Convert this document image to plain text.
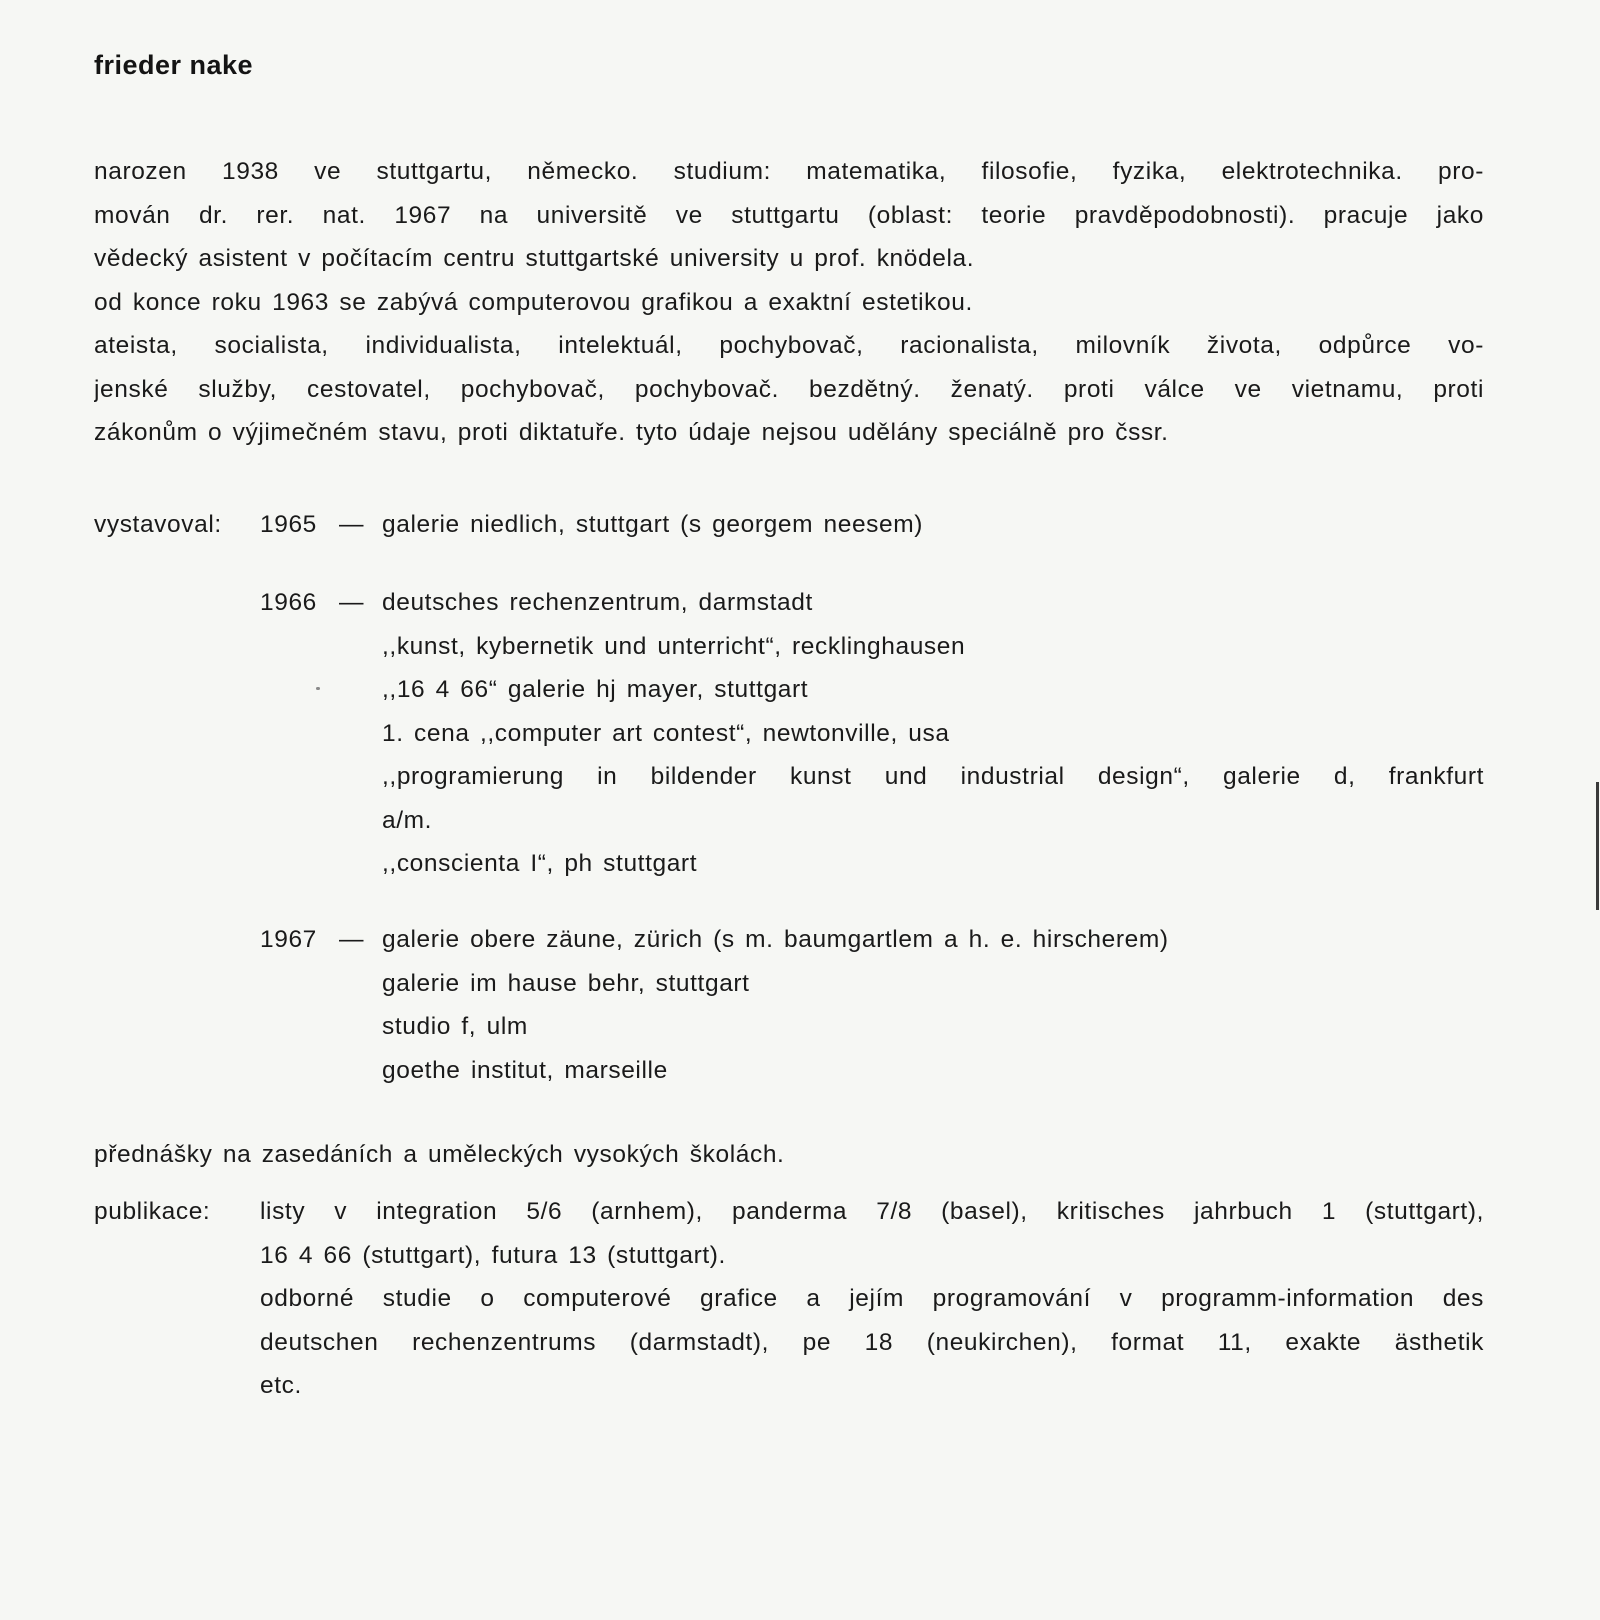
frieder nake
narozen 1938 ve stuttgartu, německo. studium: matematika, filosofie, fyzika, elektrotechnika. pro-
mován dr. rer. nat. 1967 na universitě ve stuttgartu (oblast: teorie pravděpodobnosti). pracuje jako
vědecký asistent v počítacím centru stuttgartské university u prof. knödela.
od konce roku 1963 se zabývá computerovou grafikou a exaktní estetikou.
ateista, socialista, individualista, intelektuál, pochybovač, racionalista, milovník života, odpůrce vo-
jenské služby, cestovatel, pochybovač, pochybovač. bezdětný. ženatý. proti válce ve vietnamu, proti
zákonům o výjimečném stavu, proti diktatuře. tyto údaje nejsou udělány speciálně pro čssr.
vystavoval: 1965 — galerie niedlich, stuttgart (s georgem neesem)
1966 — deutsches rechenzentrum, darmstadt
,,kunst, kybernetik und unterricht“, recklinghausen
,,16 4 66“ galerie hj mayer, stuttgart
1. cena ,,computer art contest“, newtonville, usa
,,programierung in bildender kunst und industrial design“, galerie d, frankfurt
a/m.
,,conscienta I“, ph stuttgart
1967 — galerie obere zäune, zürich (s m. baumgartlem a h. e. hirscherem)
galerie im hause behr, stuttgart
studio f, ulm
goethe institut, marseille
přednášky na zasedáních a uměleckých vysokých školách.
publikace: listy v integration 5/6 (arnhem), panderma 7/8 (basel), kritisches jahrbuch 1 (stuttgart),
16 4 66 (stuttgart), futura 13 (stuttgart).
odborné studie o computerové grafice a jejím programování v programm-information des
deutschen rechenzentrums (darmstadt), pe 18 (neukirchen), format 11, exakte ästhetik
etc.
